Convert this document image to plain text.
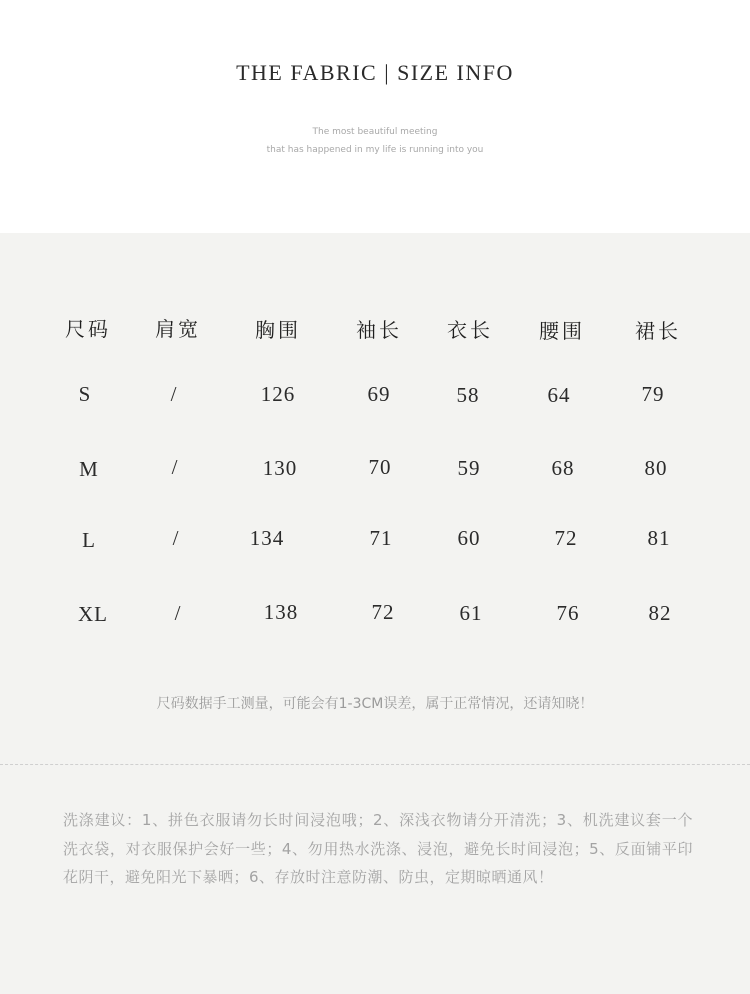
THE FABRIC | SIZE INFO
The most beautiful meeting
that has happened in my life is running into you
尺码	肩宽	胸围	袖长	衣长	腰围	裙长
S	/	126	69	58	64	79
M	/	130	70	59	68	80
L	/	134	71	60	72	81
XL	/	138	72	61	76	82
尺码数据手工测量，可能会有1-3CM误差，属于正常情况，还请知晓！
洗涤建议：1、拼色衣服请勿长时间浸泡哦；2、深浅衣物请分开清洗；3、机洗建议套一个洗衣袋，对衣服保护会好一些；4、勿用热水洗涤、浸泡，避免长时间浸泡；5、反面铺平印花阴干，避免阳光下暴晒；6、存放时注意防潮、防虫，定期晾晒通风！
